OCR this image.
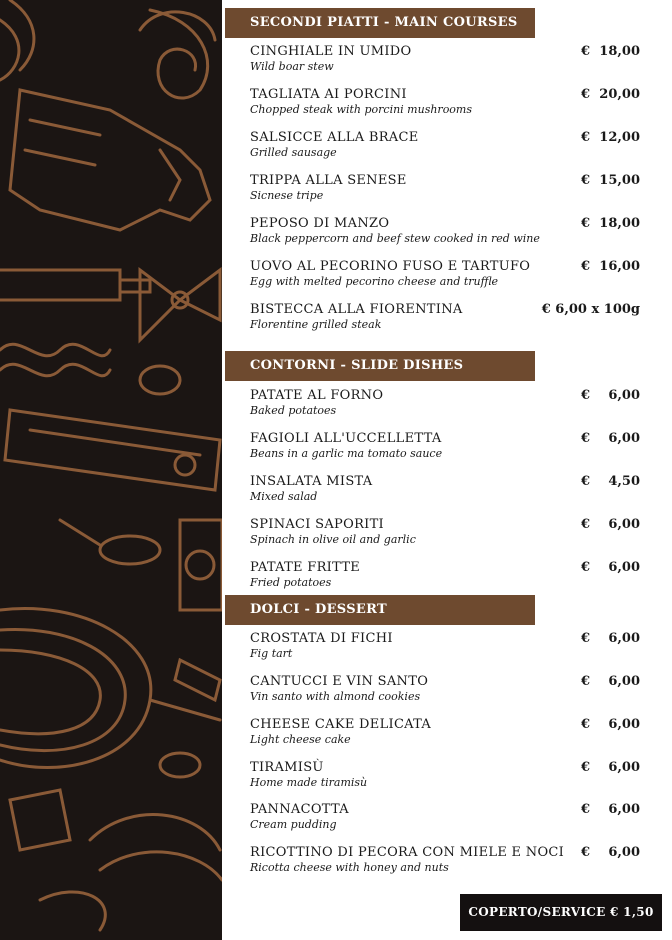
SECONDI PIATTI - MAIN COURSES
CINGHIALE IN UMIDO
Wild boar stew
€ 18,00
TAGLIATA AI PORCINI
Chopped steak with porcini mushrooms
€ 20,00
SALSICCE ALLA BRACE
Grilled sausage
€ 12,00
TRIPPA ALLA SENESE
Sicnese tripe
€ 15,00
PEPOSO DI MANZO
Black peppercorn and beef stew cooked in red wine
€ 18,00
UOVO AL PECORINO FUSO E TARTUFO
Egg with melted pecorino cheese and truffle
€ 16,00
BISTECCA ALLA FIORENTINA
Florentine grilled steak
€ 6,00 x 100g
CONTORNI - SLIDE DISHES
PATATE AL FORNO
Baked potatoes
€ 6,00
FAGIOLI ALL'UCCELLETTA
Beans in a garlic ma tomato sauce
€ 6,00
INSALATA MISTA
Mixed salad
€ 4,50
SPINACI SAPORITI
Spinach in olive oil and garlic
€ 6,00
PATATE FRITTE
Fried potatoes
€ 6,00
DOLCI - DESSERT
CROSTATA DI FICHI
Fig tart
€ 6,00
CANTUCCI E VIN SANTO
Vin santo with almond cookies
€ 6,00
CHEESE CAKE DELICATA
Light cheese cake
€ 6,00
TIRAMISÙ
Home made tiramisù
€ 6,00
PANNACOTTA
Cream pudding
€ 6,00
RICOTTINO DI PECORA CON MIELE E NOCI
Ricotta cheese with honey and nuts
€ 6,00
COPERTO/SERVICE € 1,50
